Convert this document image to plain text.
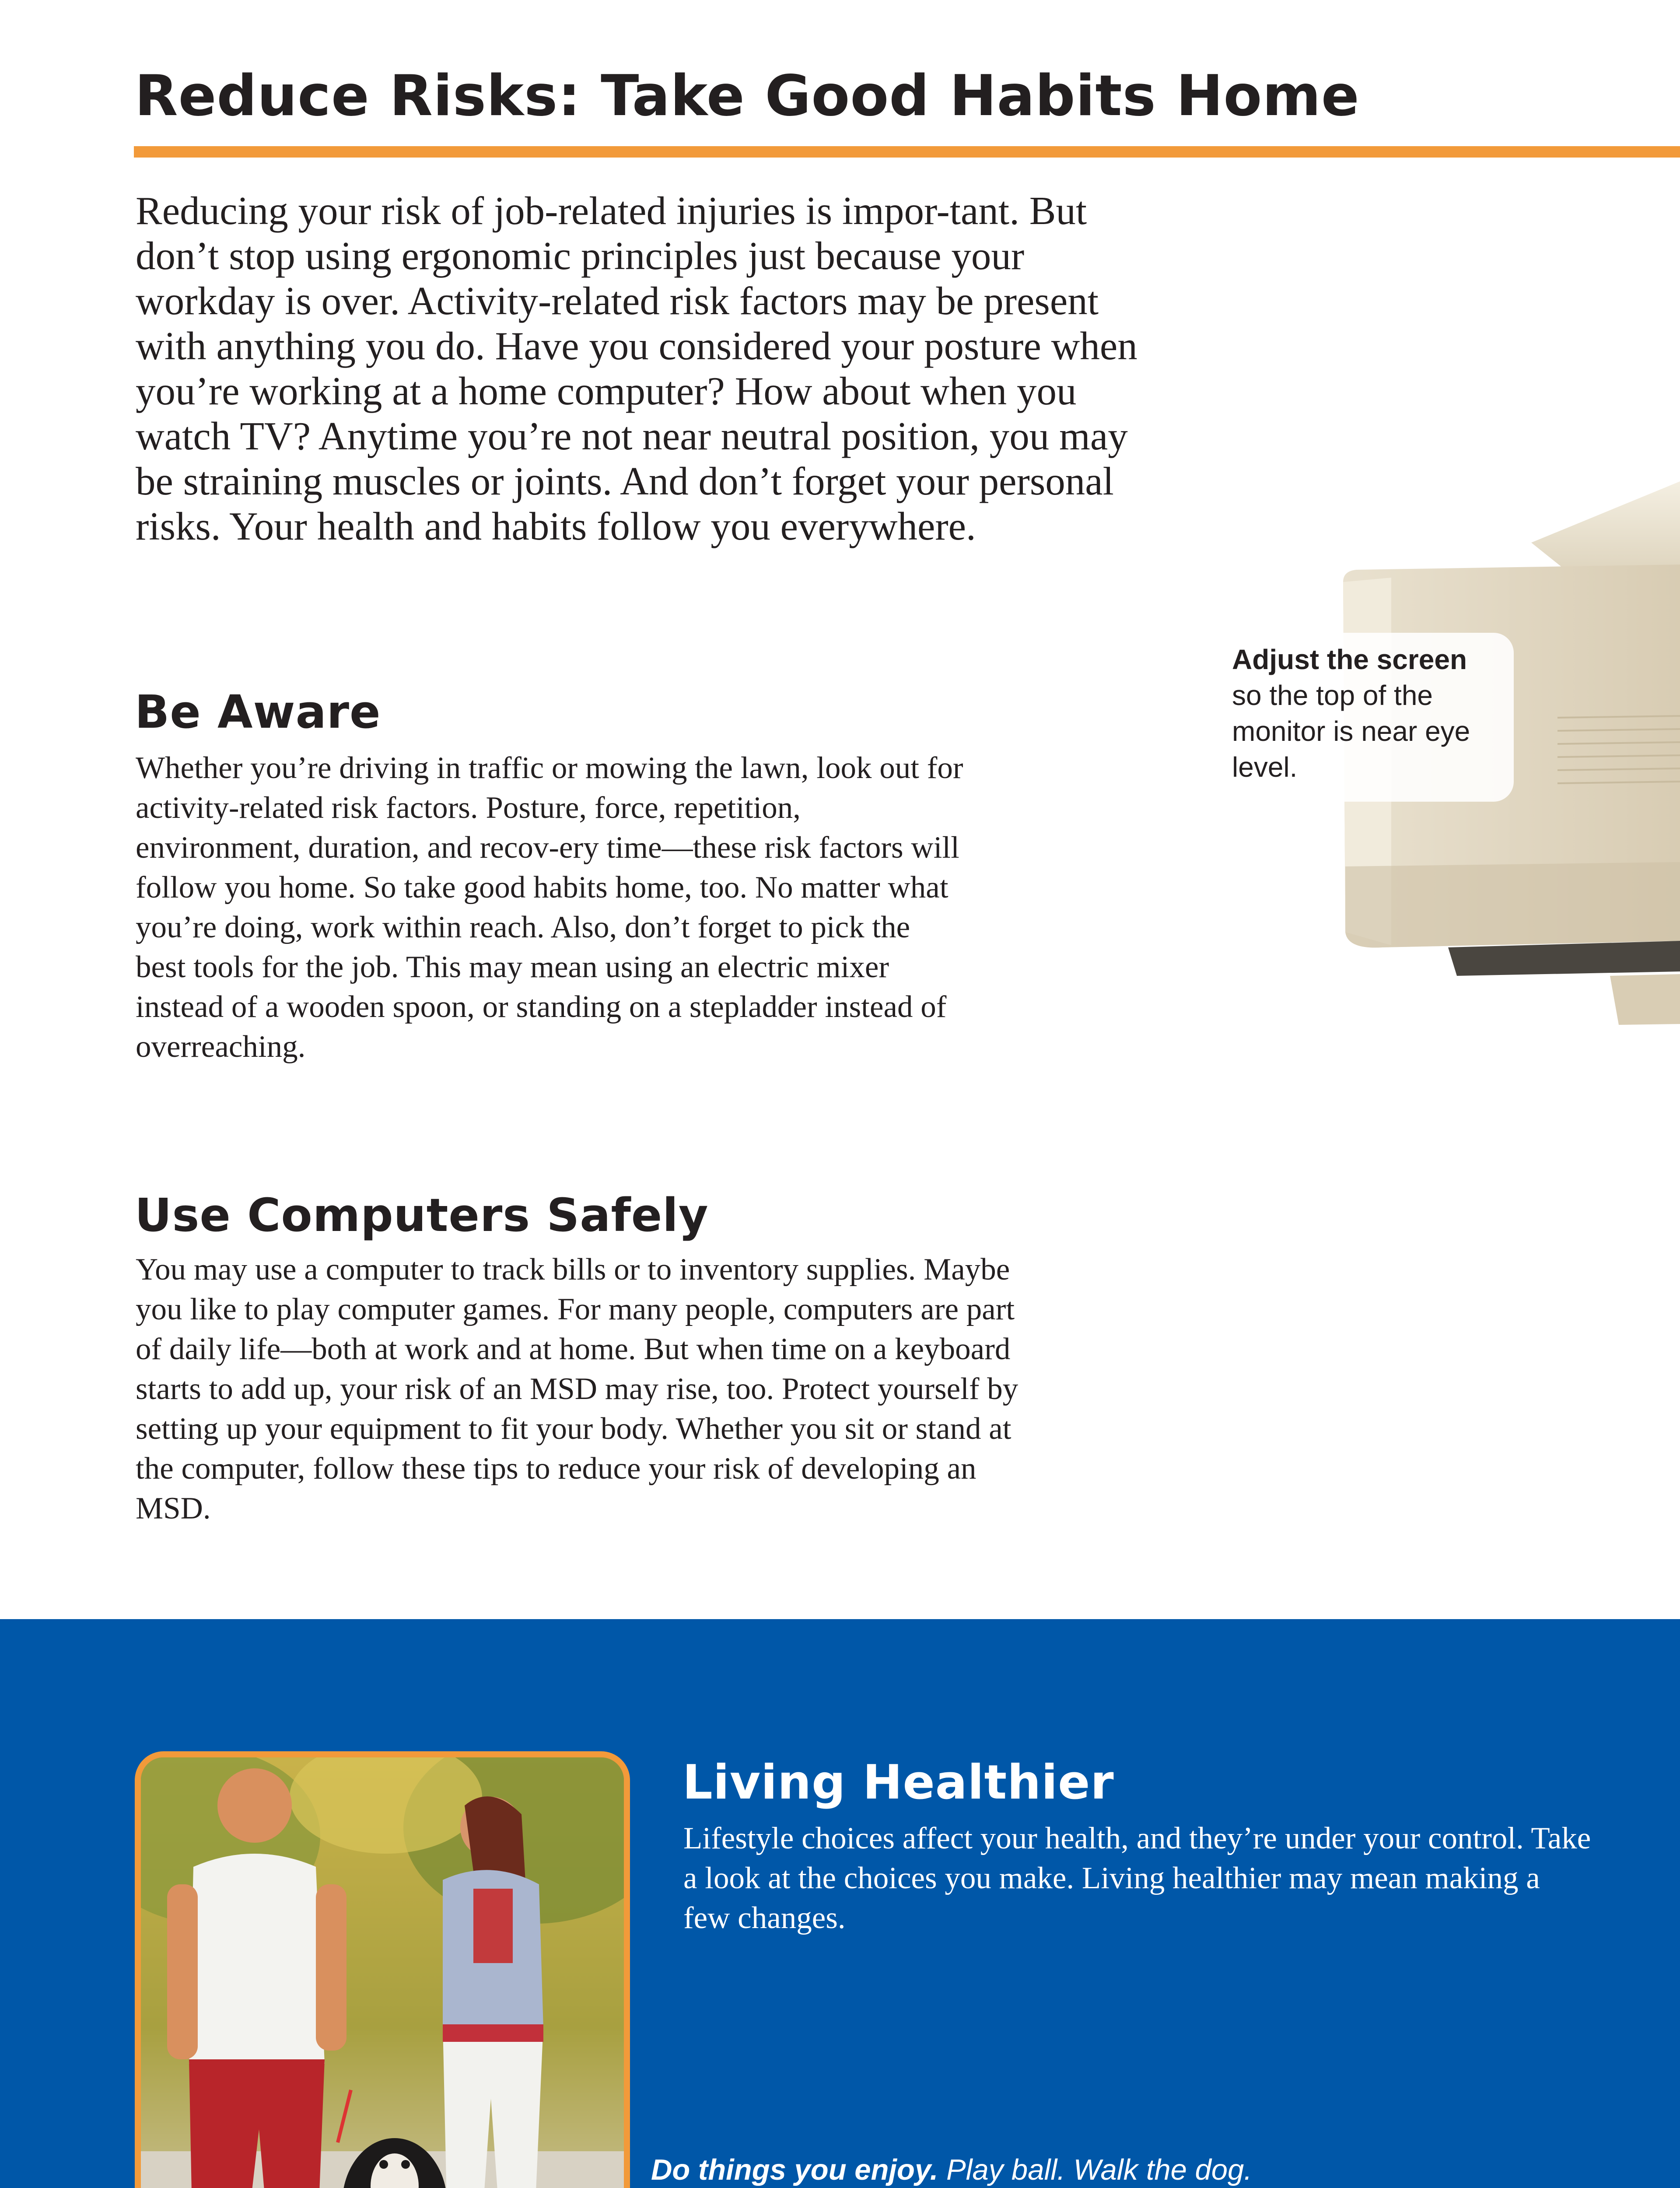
Reduce Risks: Take Good Habits Home

Reducing your risk of job-related injuries is impor-tant. But don’t stop using ergonomic principles just because your workday is over. Activity-related risk factors may be present with anything you do. Have you considered your posture when you’re working at a home computer? How about when you watch TV? Anytime you’re not near neutral position, you may be straining muscles or joints. And don’t forget your personal risks. Your health and habits follow you everywhere.

Adjust the screen
so the top of the monitor is near eye level.

Be Aware

Whether you’re driving in traffic or mowing the lawn, look out for activity-related risk factors. Posture, force, repetition, environment, duration, and recov-ery time—these risk factors will follow you home. So take good habits home, too. No matter what you’re doing, work within reach. Also, don’t forget to pick the best tools for the job. This may mean using an electric mixer instead of a wooden spoon, or standing on a stepladder instead of overreaching.

Use Computers Safely

You may use a computer to track bills or to inventory supplies. Maybe you like to play computer games. For many people, computers are part of daily life—both at work and at home. But when time on a keyboard starts to add up, your risk of an MSD may rise, too. Protect yourself by setting up your equipment to fit your body. Whether you sit or stand at the computer, follow these tips to reduce your risk of developing an MSD.

Living Healthier

Lifestyle choices affect your health, and they’re under your control. Take a look at the choices you make. Living healthier may mean making a few changes.

Do things you enjoy. Play ball. Walk the dog.
